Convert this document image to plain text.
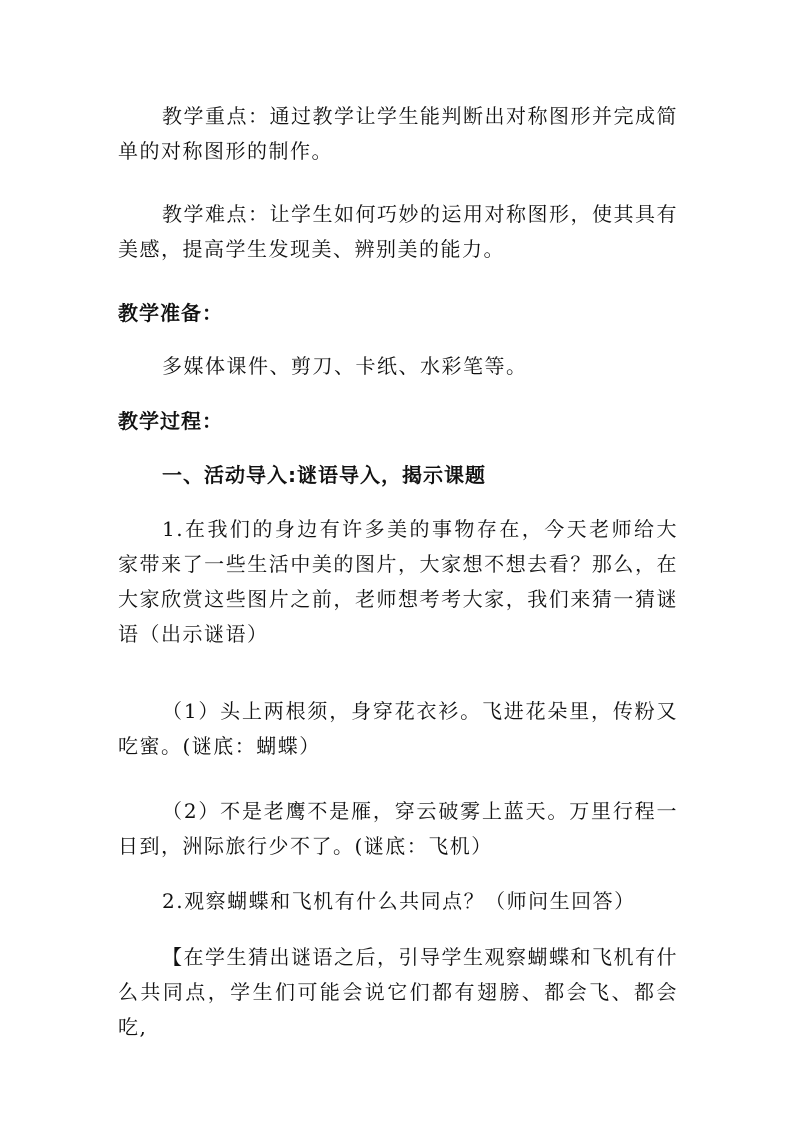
教学重点：通过教学让学生能判断出对称图形并完成简单的对称图形的制作。

教学难点：让学生如何巧妙的运用对称图形，使其具有美感，提高学生发现美、辨别美的能力。

教学准备：

多媒体课件、剪刀、卡纸、水彩笔等。

教学过程：

一、活动导入:谜语导入，揭示课题

1.在我们的身边有许多美的事物存在，今天老师给大家带来了一些生活中美的图片，大家想不想去看？那么，在大家欣赏这些图片之前，老师想考考大家，我们来猜一猜谜语（出示谜语）

（1）头上两根须，身穿花衣衫。飞进花朵里，传粉又吃蜜。(谜底：蝴蝶）

（2）不是老鹰不是雁，穿云破雾上蓝天。万里行程一日到，洲际旅行少不了。(谜底：飞机）

2.观察蝴蝶和飞机有什么共同点？（师问生回答）

【在学生猜出谜语之后，引导学生观察蝴蝶和飞机有什么共同点，学生们可能会说它们都有翅膀、都会飞、都会吃,
